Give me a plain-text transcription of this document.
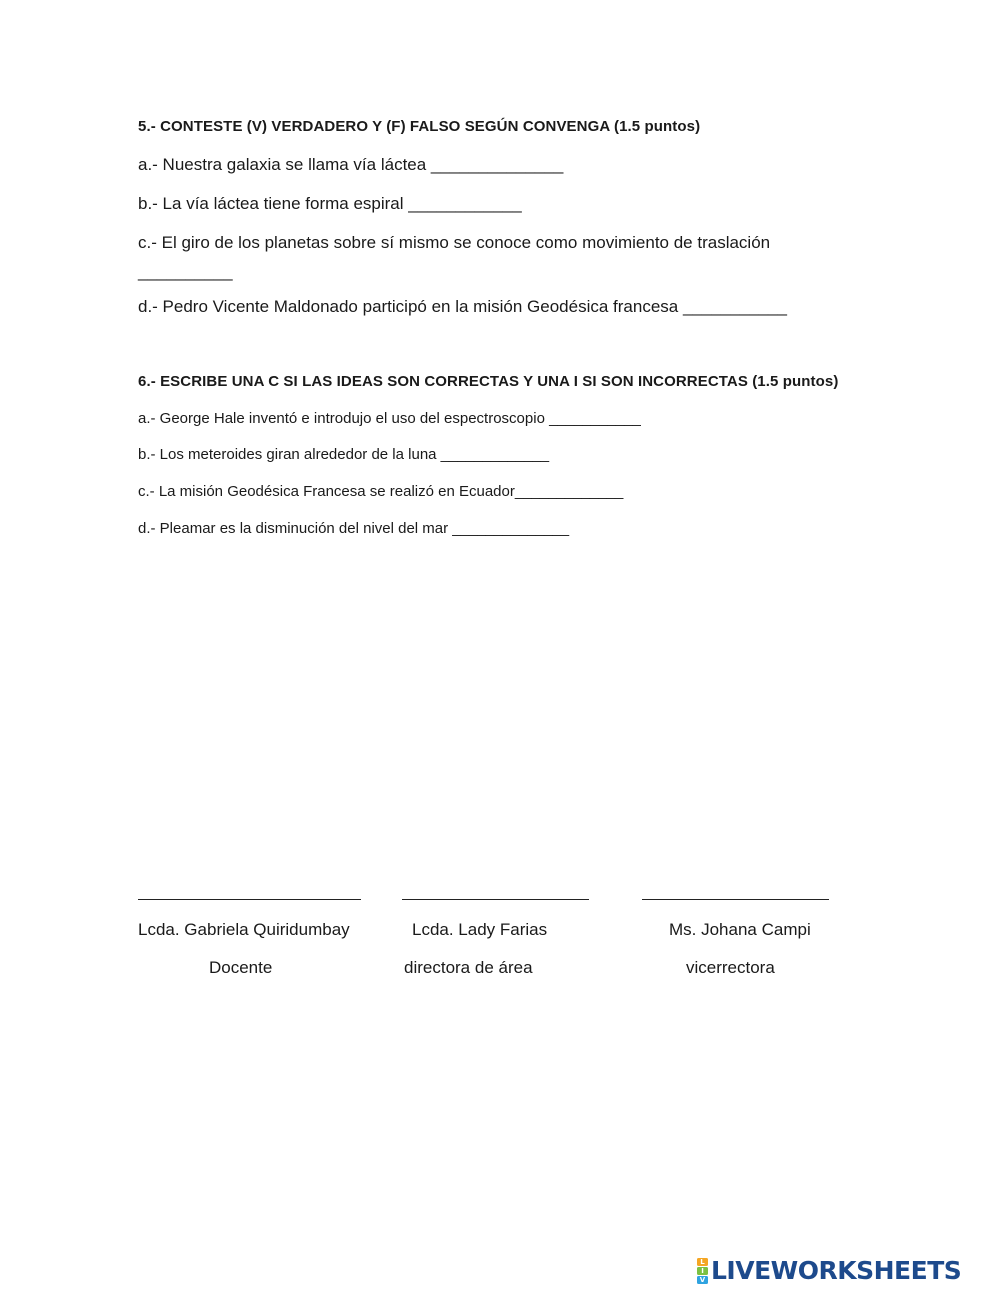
5.- CONTESTE (V) VERDADERO Y (F) FALSO SEGÚN CONVENGA (1.5 puntos)
a.- Nuestra galaxia se llama vía láctea ______________
b.- La vía láctea tiene forma espiral ____________
c.- El giro de los planetas sobre sí mismo se conoce como movimiento de traslación
__________
d.- Pedro Vicente Maldonado participó en la misión Geodésica francesa ___________
6.- ESCRIBE UNA C SI LAS IDEAS SON CORRECTAS Y UNA I SI SON INCORRECTAS (1.5 puntos)
a.- George Hale inventó e introdujo el uso del espectroscopio ___________
b.- Los meteroides giran alrededor de la luna _____________
c.- La misión Geodésica Francesa se realizó en Ecuador_____________
d.- Pleamar es la disminución del nivel del mar ______________
Lcda. Gabriela Quiridumbay	Lcda. Lady Farias	Ms. Johana Campi
Docente	directora de área	vicerrectora
L
I
V LIVEWORKSHEETS
